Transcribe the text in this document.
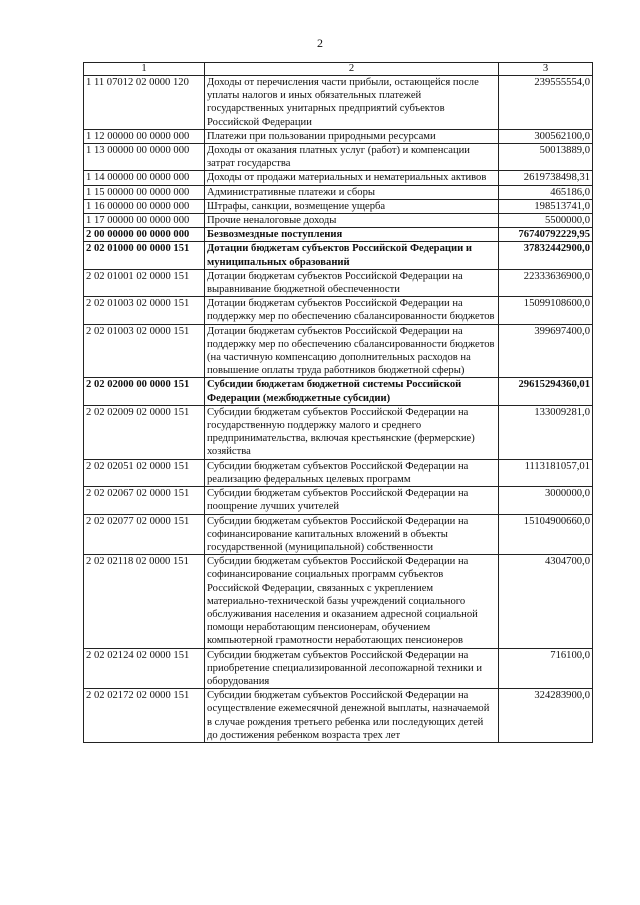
2
1	2	3
1 11 07012 02 0000 120	Доходы от перечисления части прибыли, остающейся после уплаты налогов и иных обязательных платежей государственных унитарных предприятий субъектов Российской Федерации	239555554,0
1 12 00000 00 0000 000	Платежи при пользовании природными ресурсами	300562100,0
1 13 00000 00 0000 000	Доходы от оказания платных услуг (работ) и компенсации затрат государства	50013889,0
1 14 00000 00 0000 000	Доходы от продажи материальных и нематериальных активов	2619738498,31
1 15 00000 00 0000 000	Административные платежи и сборы	465186,0
1 16 00000 00 0000 000	Штрафы, санкции, возмещение ущерба	198513741,0
1 17 00000 00 0000 000	Прочие неналоговые доходы	5500000,0
2 00 00000 00 0000 000	Безвозмездные поступления	76740792229,95
2 02 01000 00 0000 151	Дотации бюджетам субъектов Российской Федерации и муниципальных образований	37832442900,0
2 02 01001 02 0000 151	Дотации бюджетам субъектов Российской Федерации на выравнивание бюджетной обеспеченности	22333636900,0
2 02 01003 02 0000 151	Дотации бюджетам субъектов Российской Федерации на поддержку мер по обеспечению сбалансированности бюджетов	15099108600,0
2 02 01003 02 0000 151	Дотации бюджетам субъектов Российской Федерации на поддержку мер по обеспечению сбалансированности бюджетов (на частичную компенсацию дополнительных расходов на повышение оплаты труда работников бюджетной сферы)	399697400,0
2 02 02000 00 0000 151	Субсидии бюджетам бюджетной системы Российской Федерации (межбюджетные субсидии)	29615294360,01
2 02 02009 02 0000 151	Субсидии бюджетам субъектов Российской Федерации на государственную поддержку малого и среднего предпринимательства, включая крестьянские (фермерские) хозяйства	133009281,0
2 02 02051 02 0000 151	Субсидии бюджетам субъектов Российской Федерации на реализацию федеральных целевых программ	1113181057,01
2 02 02067 02 0000 151	Субсидии бюджетам субъектов Российской Федерации на поощрение лучших учителей	3000000,0
2 02 02077 02 0000 151	Субсидии бюджетам субъектов Российской Федерации на софинансирование капитальных вложений в объекты государственной (муниципальной) собственности	15104900660,0
2 02 02118 02 0000 151	Субсидии бюджетам субъектов Российской Федерации на софинансирование социальных программ субъектов Российской Федерации, связанных с укреплением материально-технической базы учреждений социального обслуживания населения и оказанием адресной социальной помощи неработающим пенсионерам, обучением компьютерной грамотности неработающих пенсионеров	4304700,0
2 02 02124 02 0000 151	Субсидии бюджетам субъектов Российской Федерации на приобретение специализированной лесопожарной техники и оборудования	716100,0
2 02 02172 02 0000 151	Субсидии бюджетам субъектов Российской Федерации на осуществление ежемесячной денежной выплаты, назначаемой в случае рождения третьего ребенка или последующих детей до достижения ребенком возраста трех лет	324283900,0
